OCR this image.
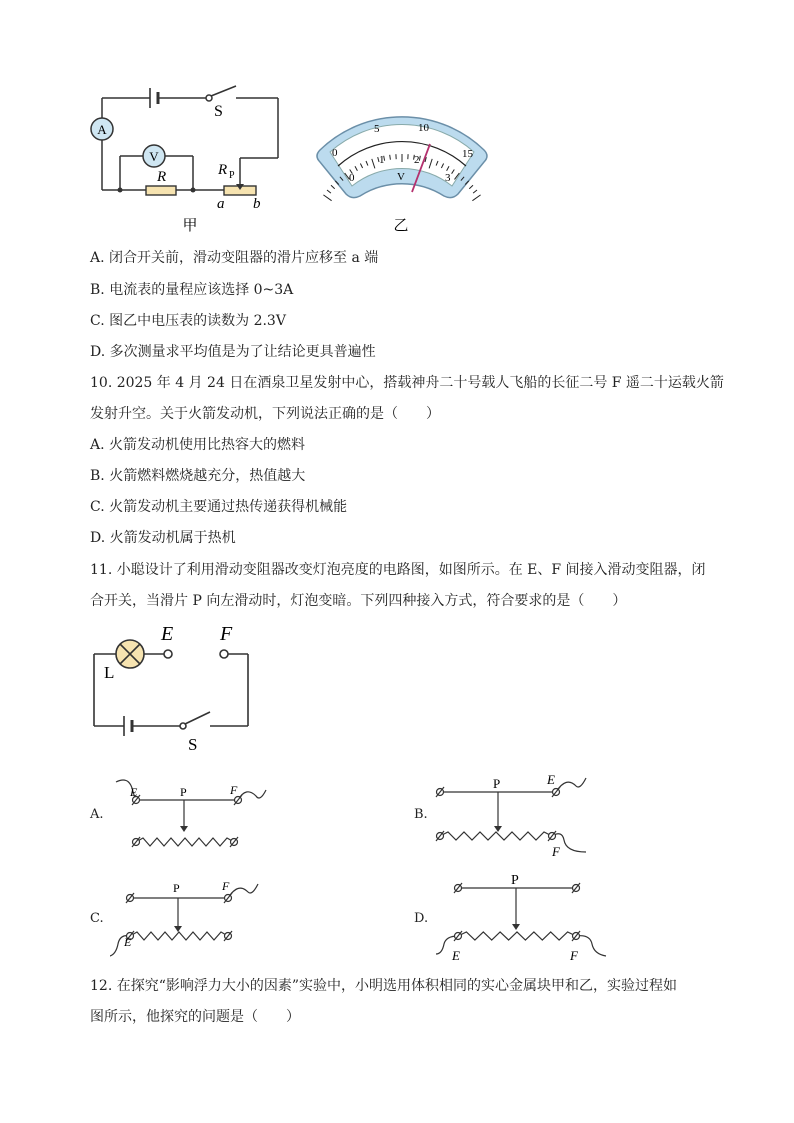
A
V
S
R	R P
a b
甲
0
5	10
15
0
1	2
3
V
乙
A. 闭合开关前，滑动变阻器的滑片应移至 a 端
B. 电流表的量程应该选择 0~3A
C. 图乙中电压表的读数为 2.3V
D. 多次测量求平均值是为了让结论更具普遍性
10. 2025 年 4 月 24 日在酒泉卫星发射中心，搭载神舟二十号载人飞船的长征二号 F 遥二十运载火箭
发射升空。关于火箭发动机，下列说法正确的是（　　）
A. 火箭发动机使用比热容大的燃料
B. 火箭燃料燃烧越充分，热值越大
C. 火箭发动机主要通过热传递获得机械能
D. 火箭发动机属于热机
11. 小聪设计了利用滑动变阻器改变灯泡亮度的电路图，如图所示。在 E、F 间接入滑动变阻器，闭
合开关，当滑片 P 向左滑动时，灯泡变暗。下列四种接入方式，符合要求的是（　　）
L
E F
S
A.
E	P	F
B.
P	E
F
C.
P	F
E
D.
P
E	F
12. 在探究“影响浮力大小的因素”实验中，小明选用体积相同的实心金属块甲和乙，实验过程如
图所示，他探究的问题是（　　）
